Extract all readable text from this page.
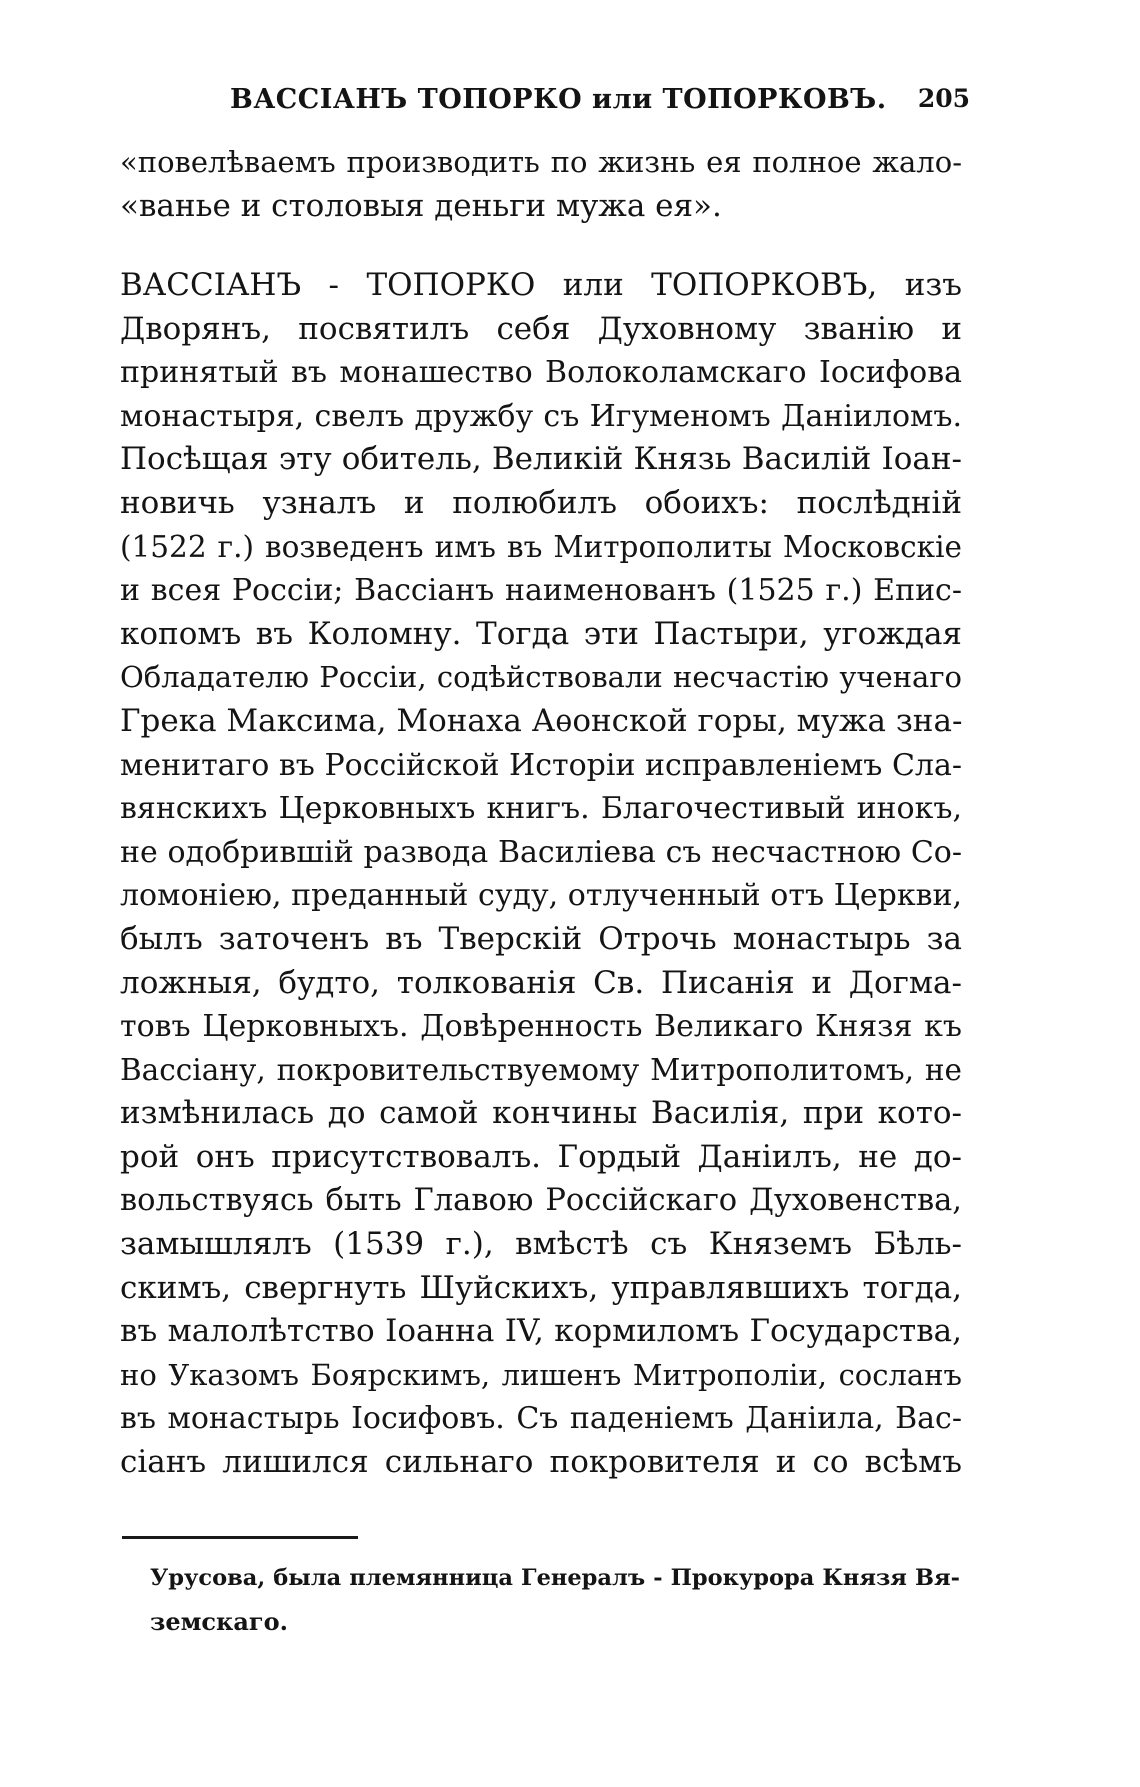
ВАССІАНЪ ТОПОРКО или ТОПОРКОВЪ. 205
«повелѣваемъ производить по жизнь ея полное жало-
«ванье и столовыя деньги мужа ея».
ВАССІАНЪ - ТОПОРКО или ТОПОРКОВЪ, изъ
Дворянъ, посвятилъ себя Духовному званію и
принятый въ монашество Волоколамскаго Іосифова
монастыря, свелъ дружбу съ Игуменомъ Даніиломъ.
Посѣщая эту обитель, Великій Князь Василій Іоан-
новичь узналъ и полюбилъ обоихъ: послѣдній
(1522 г.) возведенъ имъ въ Митрополиты Московскіе
и всея Россіи; Вассіанъ наименованъ (1525 г.) Епис-
копомъ въ Коломну. Тогда эти Пастыри, угождая
Обладателю Россіи, содѣйствовали несчастію ученаго
Грека Максима, Монаха Аѳонской горы, мужа зна-
менитаго въ Россійской Исторіи исправленіемъ Сла-
вянскихъ Церковныхъ книгъ. Благочестивый инокъ,
не одобрившій развода Василіева съ несчастною Со-
ломоніею, преданный суду, отлученный отъ Церкви,
былъ заточенъ въ Тверскій Отрочь монастырь за
ложныя, будто, толкованія Св. Писанія и Догма-
товъ Церковныхъ. Довѣренность Великаго Князя къ
Вассіану, покровительствуемому Митрополитомъ, не
измѣнилась до самой кончины Василія, при кото-
рой онъ присутствовалъ. Гордый Даніилъ, не до-
вольствуясь быть Главою Россійскаго Духовенства,
замышлялъ (1539 г.), вмѣстѣ съ Княземъ Бѣль-
скимъ, свергнуть Шуйскихъ, управлявшихъ тогда,
въ малолѣтство Іоанна IV, кормиломъ Государства,
но Указомъ Боярскимъ, лишенъ Митрополіи, сосланъ
въ монастырь Іосифовъ. Съ паденіемъ Даніила, Вас-
сіанъ лишился сильнаго покровителя и со всѣмъ
Урусова, была племянница Генералъ - Прокурора Князя Вя-
земскаго.
